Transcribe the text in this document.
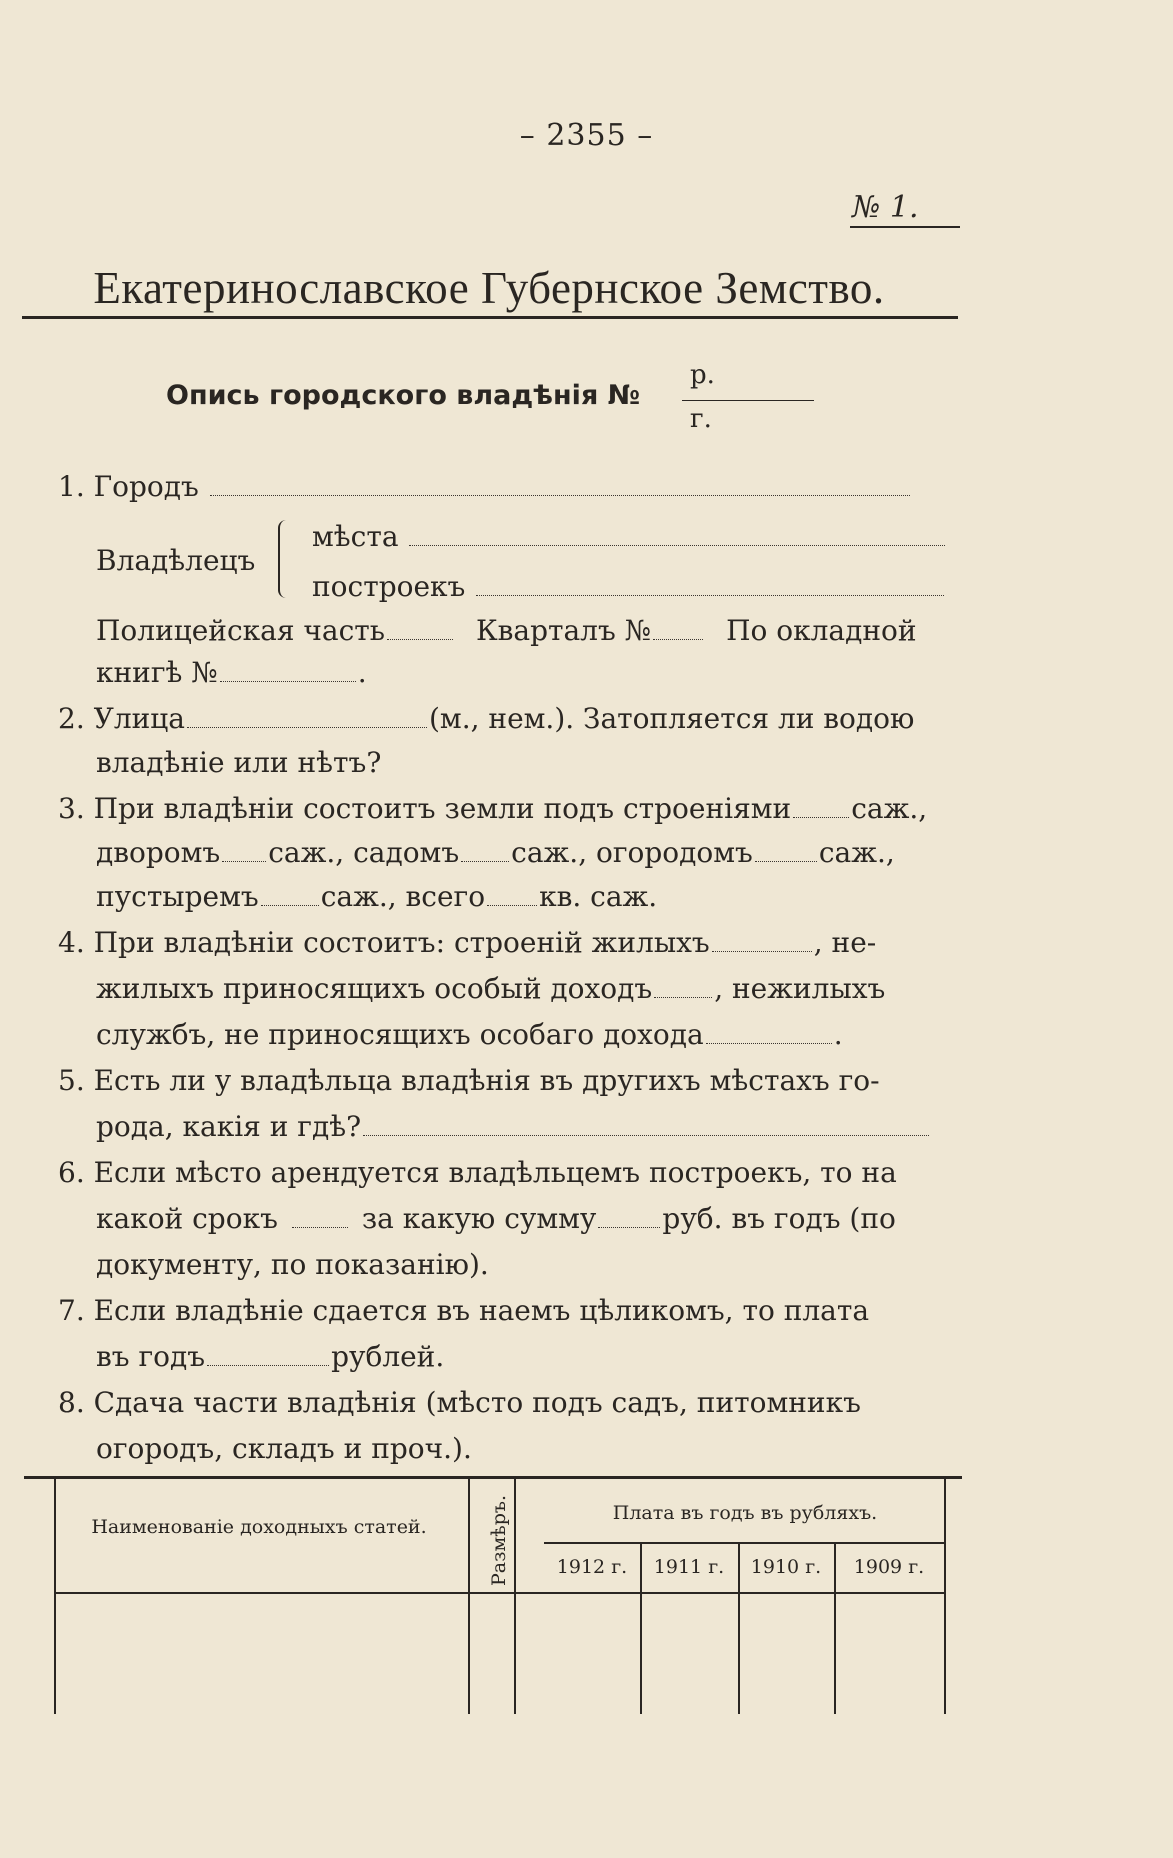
– 2355 –
№ 1.
Екатеринославское Губернское Земство.
Опись городского владѣнія №
р.
г.
1. Городъ
Владѣлецъ
мѣста
построекъ
Полицейская часть	Кварталъ №	По окладной
книгѣ №	.
2. Улица	(м., нем.). Затопляется ли водою
владѣніе или нѣтъ?
3. При владѣніи состоитъ земли подъ строеніями саж.,
дворомъ саж., садомъ саж., огородомъ саж.,
пустыремъ саж., всего кв. саж.
4. При владѣніи состоитъ: строеній жилыхъ	, не-
жилыхъ приносящихъ особый доходъ , нежилыхъ
службъ, не приносящихъ особаго дохода	.
5. Есть ли у владѣльца владѣнія въ другихъ мѣстахъ го-
рода, какія и гдѣ?
6. Если мѣсто арендуется владѣльцемъ построекъ, то на
какой срокъ	за какую сумму руб. въ годъ (по
документу, по показанію).
7. Если владѣніе сдается въ наемъ цѣликомъ, то плата
въ годъ	рублей.
8. Сдача части владѣнія (мѣсто подъ садъ, питомникъ
огородъ, складъ и проч.).
Наименованіе доходныхъ статей.	Размѣръ.	Плата въ годъ въ рубляхъ.
1912 г.	1911 г.	1910 г.	1909 г.
